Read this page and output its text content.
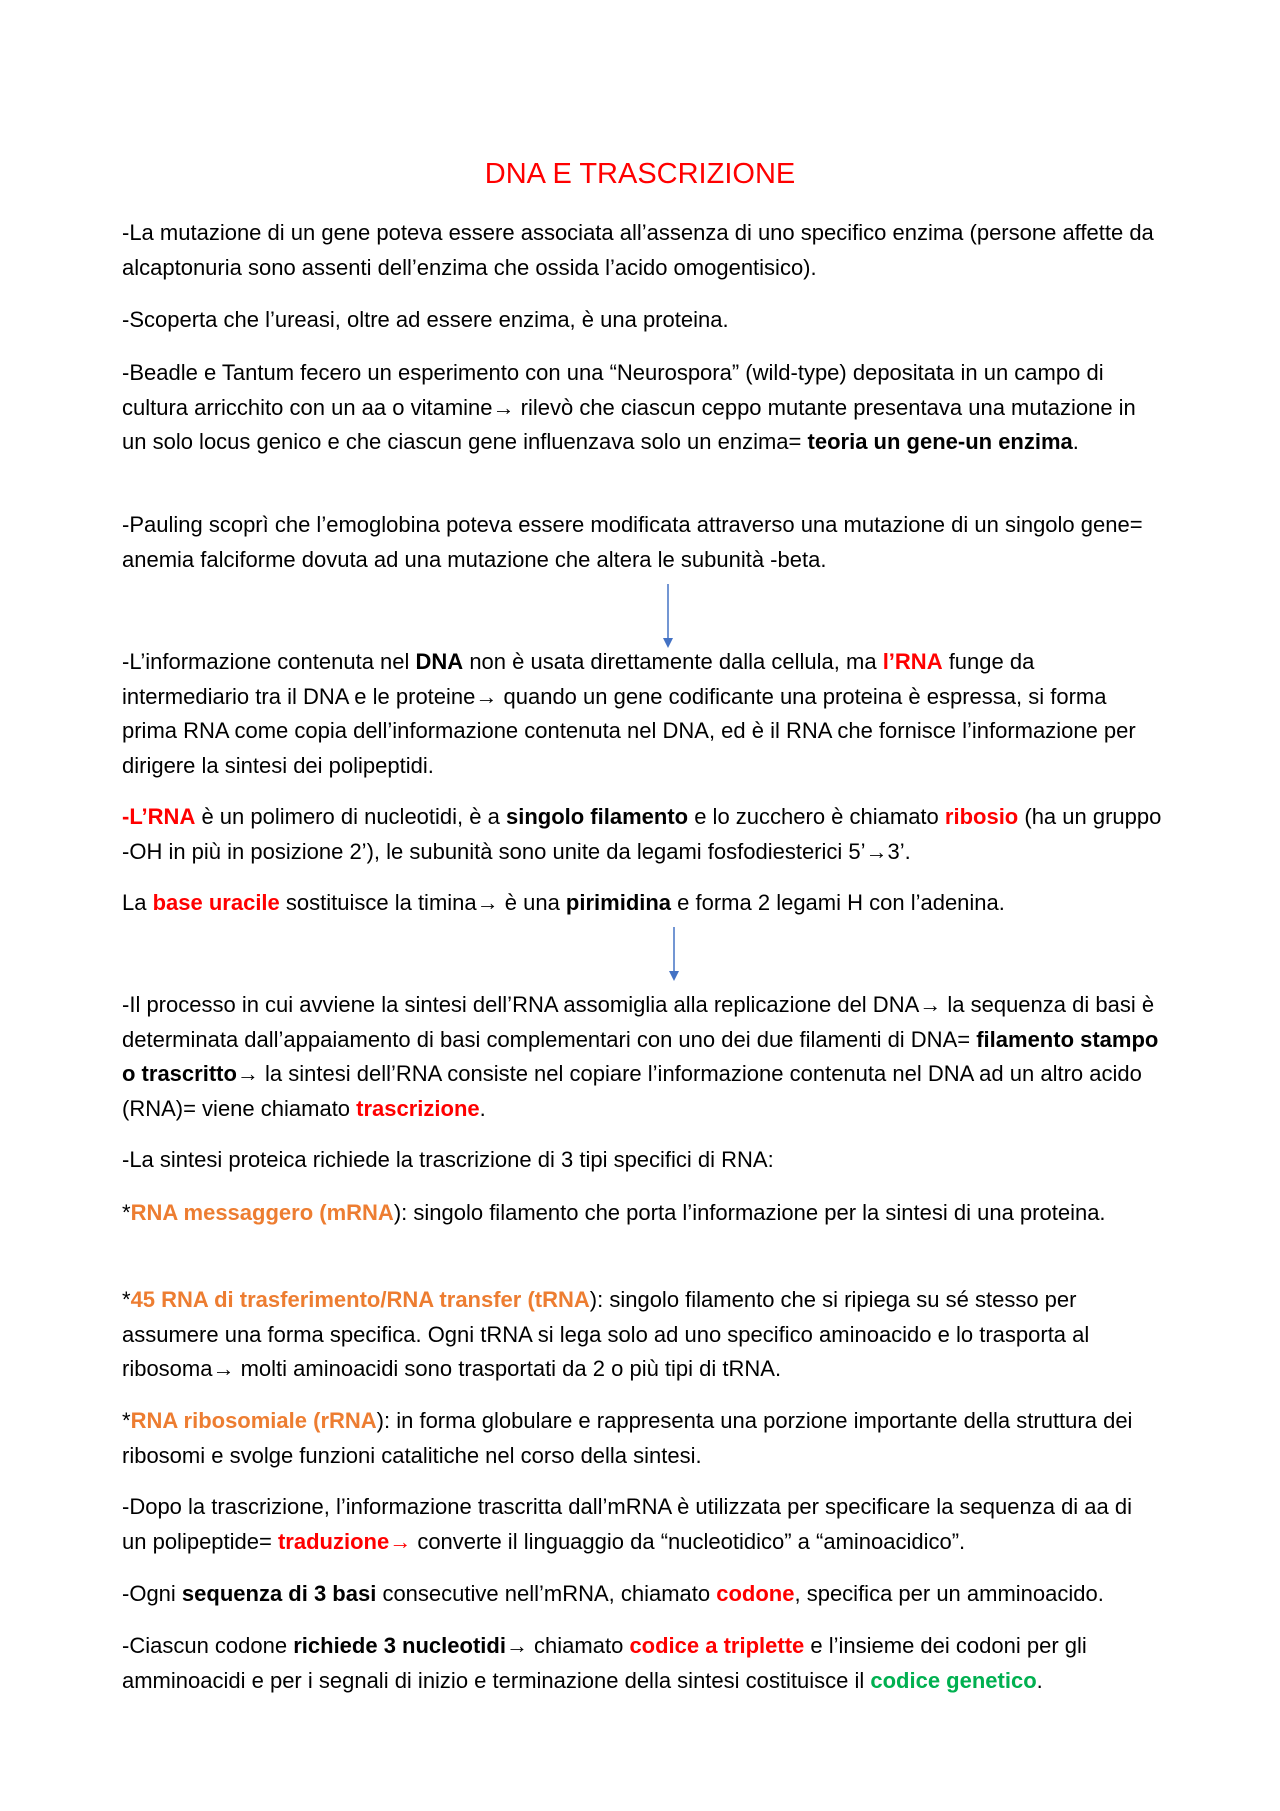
DNA E TRASCRIZIONE
-La mutazione di un gene poteva essere associata all’assenza di uno specifico enzima (persone affette da alcaptonuria sono assenti dell’enzima che ossida l’acido omogentisico).
-Scoperta che l’ureasi, oltre ad essere enzima, è una proteina.
-Beadle e Tantum fecero un esperimento con una “Neurospora” (wild-type) depositata in un campo di cultura arricchito con un aa o vitamine→ rilevò che ciascun ceppo mutante presentava una mutazione in un solo locus genico e che ciascun gene influenzava solo un enzima= teoria un gene-un enzima.
-Pauling scoprì che l’emoglobina poteva essere modificata attraverso una mutazione di un singolo gene= anemia falciforme dovuta ad una mutazione che altera le subunità -beta.
-L’informazione contenuta nel DNA non è usata direttamente dalla cellula, ma l’RNA funge da intermediario tra il DNA e le proteine→ quando un gene codificante una proteina è espressa, si forma prima RNA come copia dell’informazione contenuta nel DNA, ed è il RNA che fornisce l’informazione per dirigere la sintesi dei polipeptidi.
-L’RNA è un polimero di nucleotidi, è a singolo filamento e lo zucchero è chiamato ribosio (ha un gruppo -OH in più in posizione 2’), le subunità sono unite da legami fosfodiesterici 5’→3’.
La base uracile sostituisce la timina→ è una pirimidina e forma 2 legami H con l’adenina.
-Il processo in cui avviene la sintesi dell’RNA assomiglia alla replicazione del DNA→ la sequenza di basi è determinata dall’appaiamento di basi complementari con uno dei due filamenti di DNA= filamento stampo o trascritto→ la sintesi dell’RNA consiste nel copiare l’informazione contenuta nel DNA ad un altro acido (RNA)= viene chiamato trascrizione.
-La sintesi proteica richiede la trascrizione di 3 tipi specifici di RNA:
*RNA messaggero (mRNA): singolo filamento che porta l’informazione per la sintesi di una proteina.
*45 RNA di trasferimento/RNA transfer (tRNA): singolo filamento che si ripiega su sé stesso per assumere una forma specifica. Ogni tRNA si lega solo ad uno specifico aminoacido e lo trasporta al ribosoma→ molti aminoacidi sono trasportati da 2 o più tipi di tRNA.
*RNA ribosomiale (rRNA): in forma globulare e rappresenta una porzione importante della struttura dei ribosomi e svolge funzioni catalitiche nel corso della sintesi.
-Dopo la trascrizione, l’informazione trascritta dall’mRNA è utilizzata per specificare la sequenza di aa di un polipeptide= traduzione→ converte il linguaggio da “nucleotidico” a “aminoacidico”.
-Ogni sequenza di 3 basi consecutive nell’mRNA, chiamato codone, specifica per un amminoacido.
-Ciascun codone richiede 3 nucleotidi→ chiamato codice a triplette e l’insieme dei codoni per gli amminoacidi e per i segnali di inizio e terminazione della sintesi costituisce il codice genetico.
